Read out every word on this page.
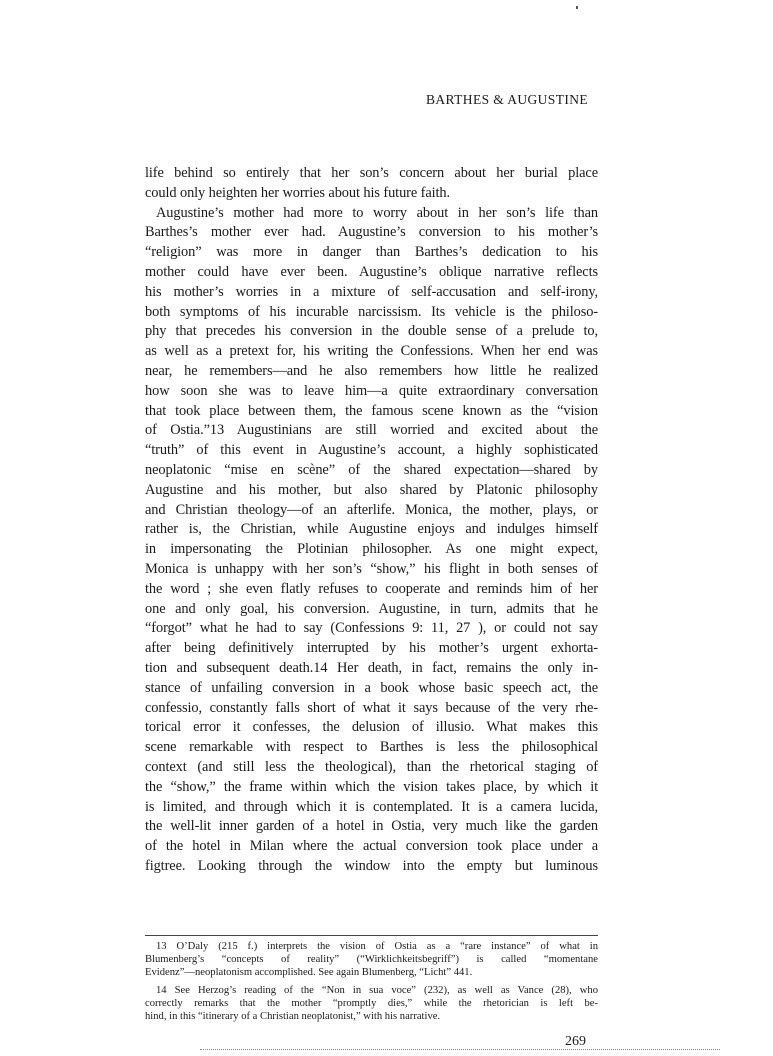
BARTHES & AUGUSTINE
life behind so entirely that her son’s concern about her burial place
could only heighten her worries about his future faith.
Augustine’s mother had more to worry about in her son’s life than
Barthes’s mother ever had. Augustine’s conversion to his mother’s
“religion” was more in danger than Barthes’s dedication to his
mother could have ever been. Augustine’s oblique narrative reflects
his mother’s worries in a mixture of self-accusation and self-irony,
both symptoms of his incurable narcissism. Its vehicle is the philoso-
phy that precedes his conversion in the double sense of a prelude to,
as well as a pretext for, his writing the Confessions. When her end was
near, he remembers—and he also remembers how little he realized
how soon she was to leave him—a quite extraordinary conversation
that took place between them, the famous scene known as the “vision
of Ostia.”13 Augustinians are still worried and excited about the
“truth” of this event in Augustine’s account, a highly sophisticated
neoplatonic “mise en scène” of the shared expectation—shared by
Augustine and his mother, but also shared by Platonic philosophy
and Christian theology—of an afterlife. Monica, the mother, plays, or
rather is, the Christian, while Augustine enjoys and indulges himself
in impersonating the Plotinian philosopher. As one might expect,
Monica is unhappy with her son’s “show,” his flight in both senses of
the word ; she even flatly refuses to cooperate and reminds him of her
one and only goal, his conversion. Augustine, in turn, admits that he
“forgot” what he had to say (Confessions 9: 11, 27 ), or could not say
after being definitively interrupted by his mother’s urgent exhorta-
tion and subsequent death.14 Her death, in fact, remains the only in-
stance of unfailing conversion in a book whose basic speech act, the
confessio, constantly falls short of what it says because of the very rhe-
torical error it confesses, the delusion of illusio. What makes this
scene remarkable with respect to Barthes is less the philosophical
context (and still less the theological), than the rhetorical staging of
the “show,” the frame within which the vision takes place, by which it
is limited, and through which it is contemplated. It is a camera lucida,
the well-lit inner garden of a hotel in Ostia, very much like the garden
of the hotel in Milan where the actual conversion took place under a
figtree. Looking through the window into the empty but luminous
13 O’Daly (215 f.) interprets the vision of Ostia as a “rare instance” of what in
Blumenberg’s “concepts of reality” (“Wirklichkeitsbegriff”) is called “momentane
Evidenz”—neoplatonism accomplished. See again Blumenberg, “Licht” 441.
14 See Herzog’s reading of the “Non in sua voce” (232), as well as Vance (28), who
correctly remarks that the mother “promptly dies,” while the rhetorician is left be-
hind, in this “itinerary of a Christian neoplatonist,” with his narrative.
269
